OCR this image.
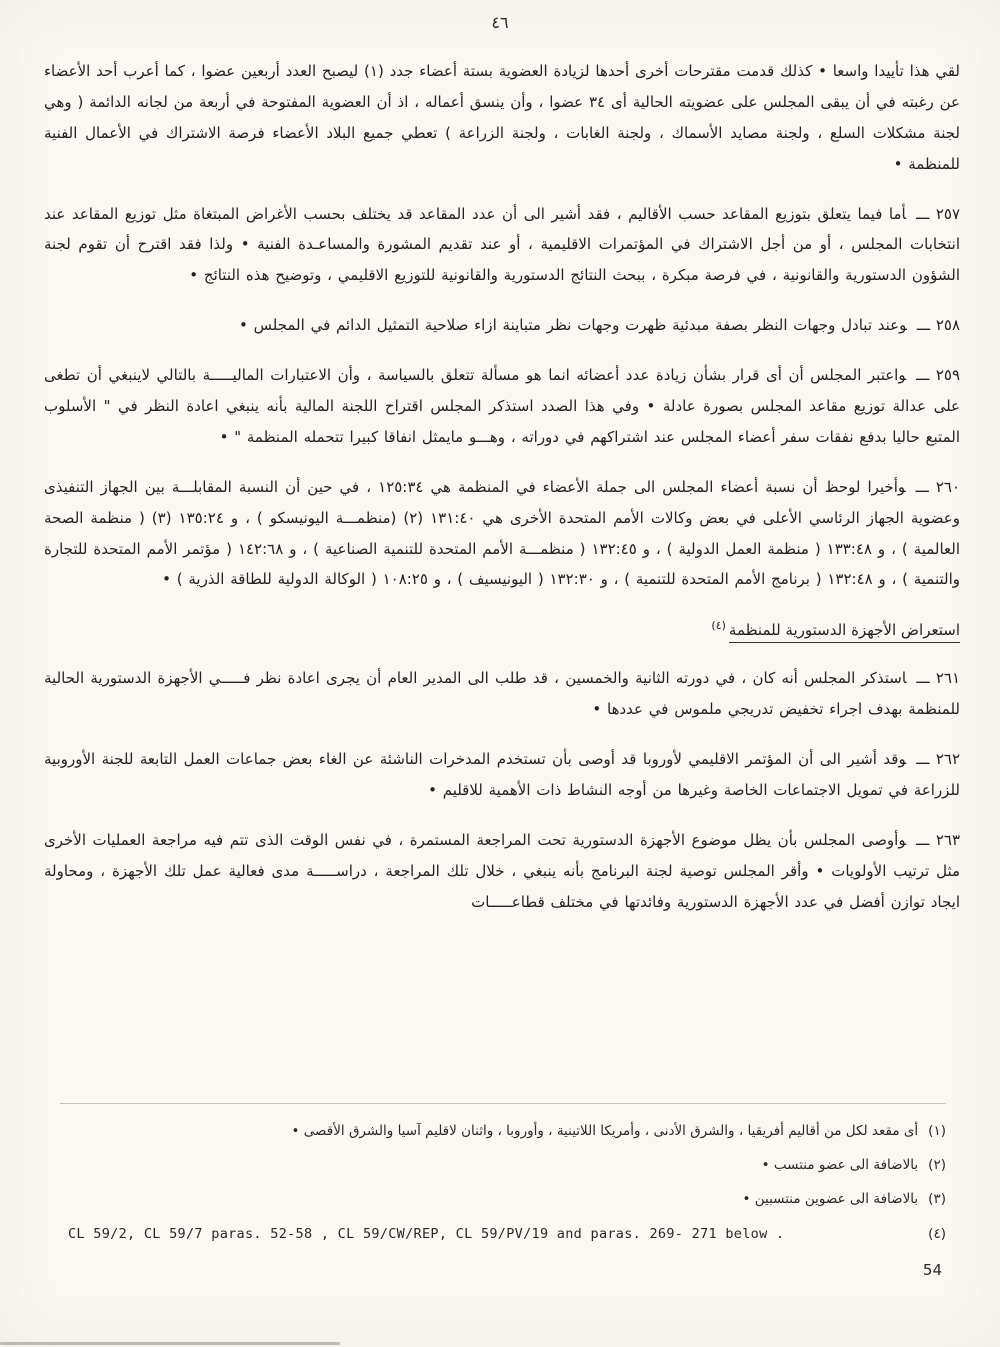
٤٦

لقي هذا تأييدا واسعا • كذلك قدمت مقترحات أخرى أحدها لزيادة العضوية بستة أعضاء جدد (١) ليصبح العدد أربعين عضوا ، كما أعرب أحد الأعضاء عن رغبته في أن يبقى المجلس على عضويته الحالية أى ٣٤ عضوا ، وأن ينسق أعماله ، اذ أن العضوية المفتوحة في أربعة من لجانه الدائمة ( وهي لجنة مشكلات السلع ، ولجنة مصايد الأسماك ، ولجنة الغابات ، ولجنة الزراعة ) تعطي جميع البلاد الأعضاء فرصة الاشتراك في الأعمال الفنية للمنظمة •

٢٥٧ ـــأما فيما يتعلق بتوزيع المقاعد حسب الأقاليم ، فقد أشير الى أن عدد المقاعد قد يختلف بحسب الأغراض المبتغاة مثل توزيع المقاعد عند انتخابات المجلس ، أو من أجل الاشتراك في المؤتمرات الاقليمية ، أو عند تقديم المشورة والمساعـدة الفنية • ولذا فقد اقترح أن تقوم لجنة الشؤون الدستورية والقانونية ، في فرصة مبكرة ، ببحث النتائج الدستورية والقانونية للتوزيع الاقليمي ، وتوضيح هذه النتائج •

٢٥٨ ـــوعند تبادل وجهات النظر بصفة مبدئية ظهرت وجهات نظر متباينة ازاء صلاحية التمثيل الدائم في المجلس •

٢٥٩ ـــواعتبر المجلس أن أى قرار بشأن زيادة عدد أعضائه انما هو مسألة تتعلق بالسياسة ، وأن الاعتبارات الماليـــــة بالتالي لاينبغي أن تطغى على عدالة توزيع مقاعد المجلس بصورة عادلة • وفي هذا الصدد استذكر المجلس اقتراح اللجنة المالية بأنه ينبغي اعادة النظر في " الأسلوب المتبع حاليا بدفع نفقات سفر أعضاء المجلس عند اشتراكهم في دوراته ، وهـــو مايمثل انفاقا كبيرا تتحمله المنظمة " •

٢٦٠ ـــوأخيرا لوحظ أن نسبة أعضاء المجلس الى جملة الأعضاء في المنظمة هي ١٢٥:٣٤ ، في حين أن النسبة المقابلـــة بين الجهاز التنفيذى وعضوية الجهاز الرئاسي الأعلى في بعض وكالات الأمم المتحدة الأخرى هي ١٣١:٤٠ (٢) (منظمـــة اليونيسكو ) ، و ١٣٥:٢٤ (٣) ( منظمة الصحة العالمية ) ، و ١٣٣:٤٨ ( منظمة العمل الدولية ) ، و ١٣٢:٤٥ ( منظمـــة الأمم المتحدة للتنمية الصناعية ) ، و ١٤٢:٦٨ ( مؤتمر الأمم المتحدة للتجارة والتنمية ) ، و ١٣٢:٤٨ ( برنامج الأمم المتحدة للتنمية ) ، و ١٣٢:٣٠ ( اليونيسيف ) ، و ١٠٨:٢٥ ( الوكالة الدولية للطاقة الذرية ) •

استعراض الأجهزة الدستورية للمنظمة$^{(٤)}$

٢٦١ ـــاستذكر المجلس أنه كان ، في دورته الثانية والخمسين ، قد طلب الى المدير العام أن يجرى اعادة نظر فـــــي الأجهزة الدستورية الحالية للمنظمة بهدف اجراء تخفيض تدريجي ملموس في عددها •

٢٦٢ ـــوقد أشير الى أن المؤتمر الاقليمي لأوروبا قد أوصى بأن تستخدم المدخرات الناشئة عن الغاء بعض جماعات العمل التابعة للجنة الأوروبية للزراعة في تمويل الاجتماعات الخاصة وغيرها من أوجه النشاط ذات الأهمية للاقليم •

٢٦٣ ـــوأوصى المجلس بأن يظل موضوع الأجهزة الدستورية تحت المراجعة المستمرة ، في نفس الوقت الذى تتم فيه مراجعة العمليات الأخرى مثل ترتيب الأولويات • وأقر المجلس توصية لجنة البرنامج بأنه ينبغي ، خلال تلك المراجعة ، دراســـــة مدى فعالية عمل تلك الأجهزة ، ومحاولة ايجاد توازن أفضل في عدد الأجهزة الدستورية وفائدتها في مختلف قطاعـــــات

(١)أى مقعد لكل من أقاليم أفريقيا ، والشرق الأدنى ، وأمريكا اللاتينية ، وأوروبا ، واثنان لاقليم آسيا والشرق الأقصى •

(٢)بالاضافة الى عضو منتسب •

(٣)بالاضافة الى عضوين منتسبين •

CL 59/2, CL 59/7 paras. 52-58 , CL 59/CW/REP, CL 59/PV/19 and paras. 269- 271 below .	(٤)

54
